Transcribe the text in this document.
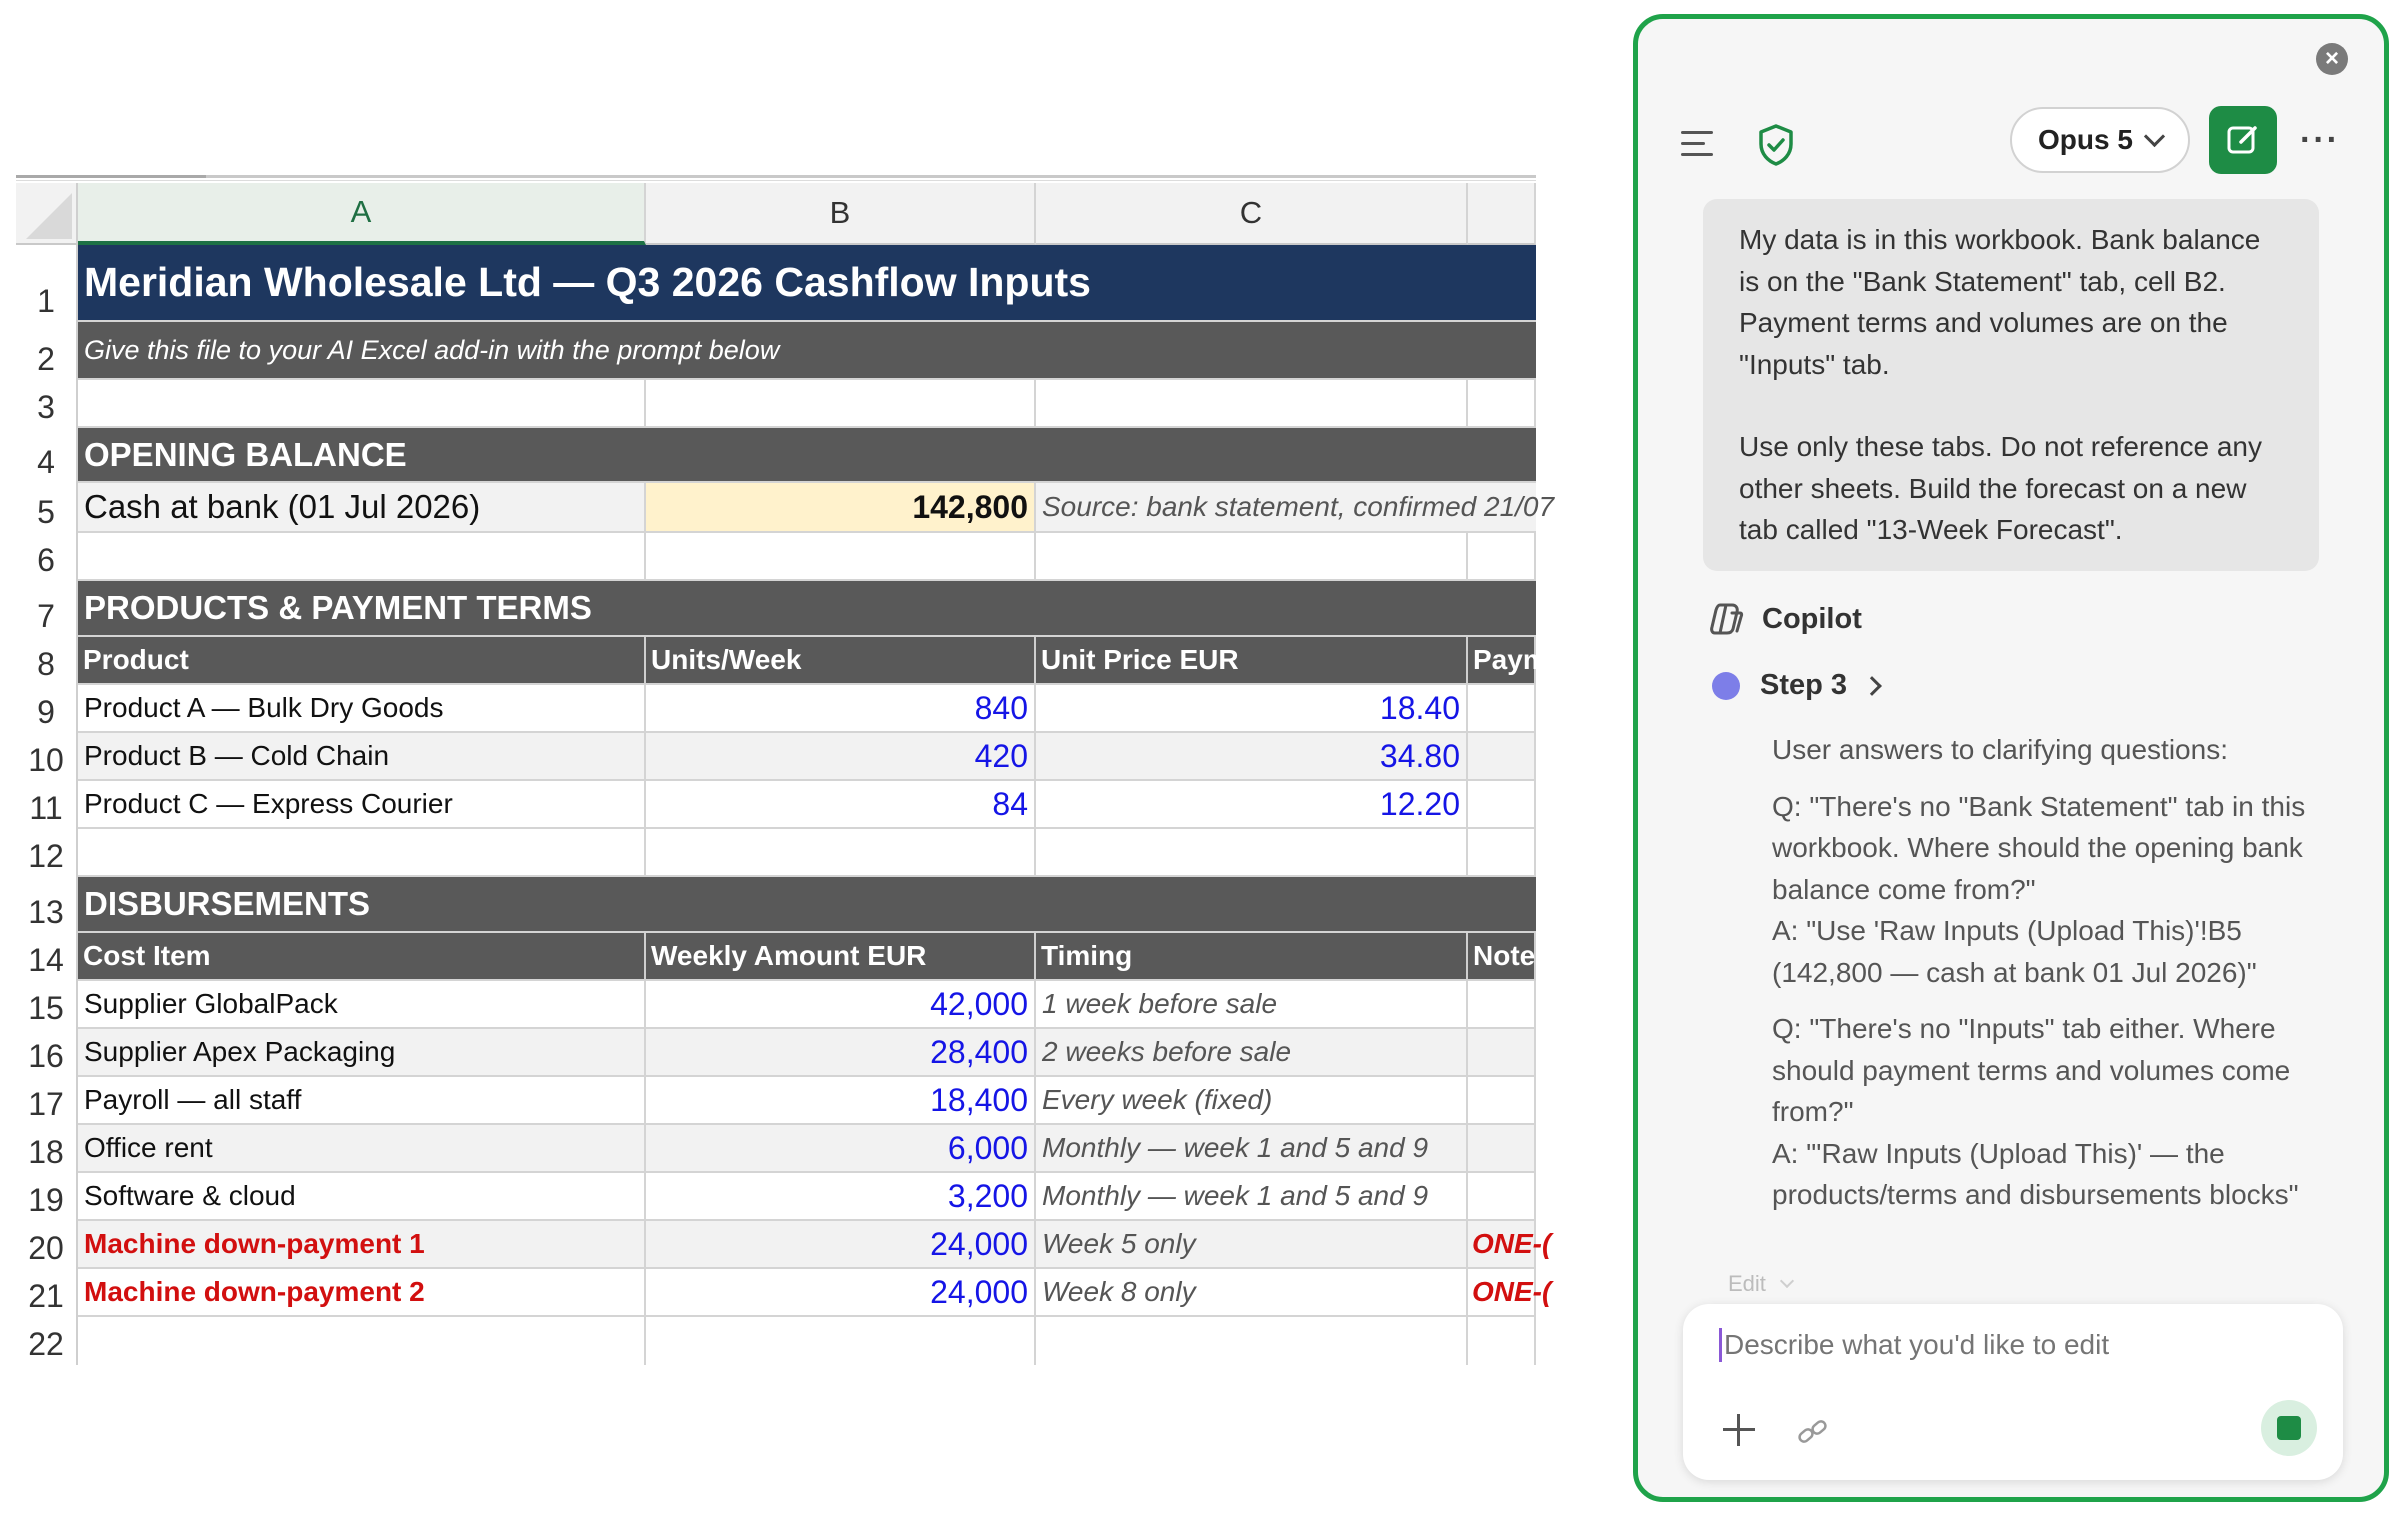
A	B	C
1 Meridian Wholesale Ltd — Q3 2026 Cashflow Inputs
2	Give this file to your AI Excel add-in with the prompt below
3
4 OPENING BALANCE
5 Cash at bank (01 Jul 2026)	142,800 Source: bank statement, confirmed 21/07
6
7 PRODUCTS & PAYMENT TERMS
8	Product	Units/Week	Unit Price EUR	Paym
9	Product A — Bulk Dry Goods	840	18.40
10 Product B — Cold Chain	420	34.80
11 Product C — Express Courier	84	12.20
12
13 DISBURSEMENTS
14 Cost Item	Weekly Amount EUR	Timing	Notes
15 Supplier GlobalPack	42,000 1 week before sale
16 Supplier Apex Packaging	28,400 2 weeks before sale
17 Payroll — all staff	18,400 Every week (fixed)
18 Office rent	6,000 Monthly — week 1 and 5 and 9
19 Software & cloud	3,200 Monthly — week 1 and 5 and 9
20 Machine down-payment 1	24,000 Week 5 only	ONE-(
21 Machine down-payment 2	24,000 Week 8 only	ONE-(
22
×
Opus 5	···

My data is in this workbook. Bank balance is on the "Bank Statement" tab, cell B2. Payment terms and volumes are on the "Inputs" tab.

Use only these tabs. Do not reference any other sheets. Build the forecast on a new tab called "13-Week Forecast".

Copilot
Step 3

User answers to clarifying questions:

Q: "There's no "Bank Statement" tab in this workbook. Where should the opening bank balance come from?"

A: "Use 'Raw Inputs (Upload This)'!B5 (142,800 — cash at bank 01 Jul 2026)"

Q: "There's no "Inputs" tab either. Where should payment terms and volumes come from?"

A: "'Raw Inputs (Upload This)' — the products/terms and disbursements blocks"

Edit
Describe what you'd like to edit
